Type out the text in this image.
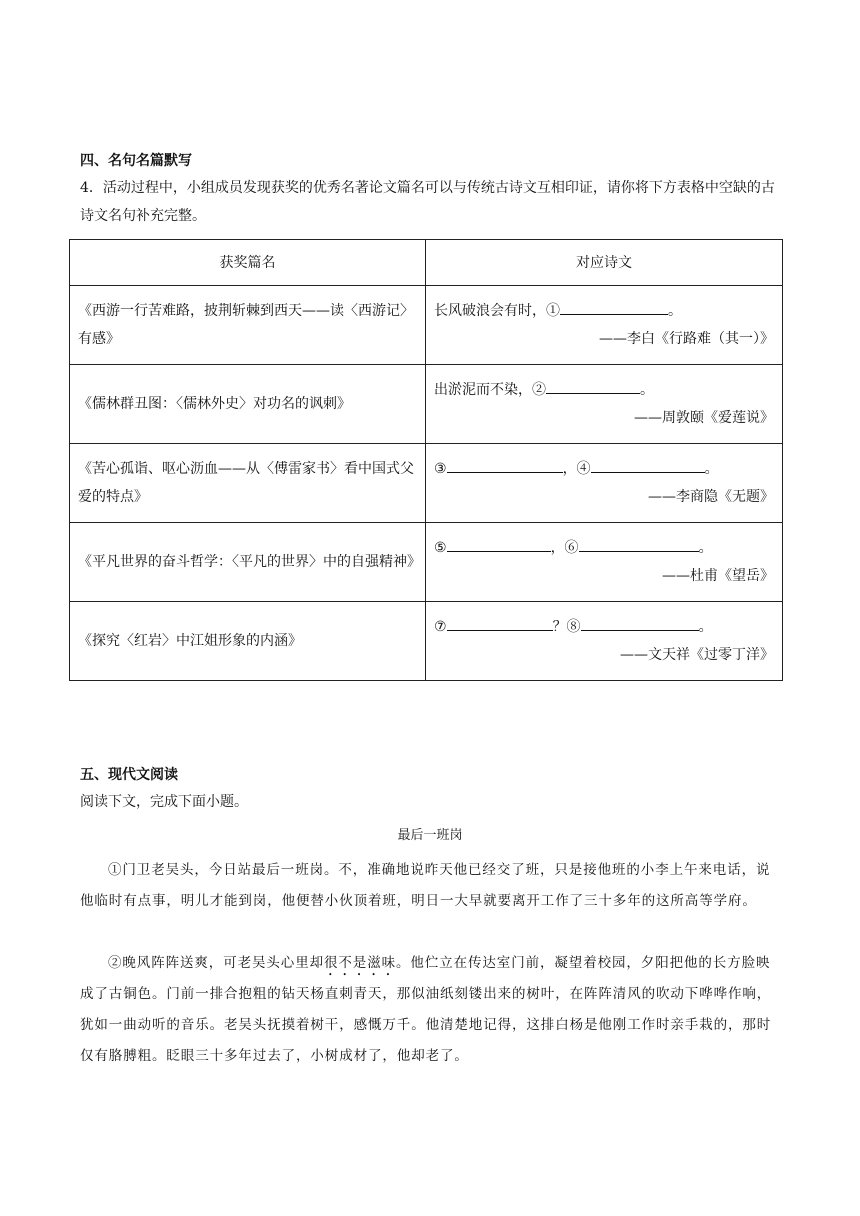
四、名句名篇默写
4．活动过程中，小组成员发现获奖的优秀名著论文篇名可以与传统古诗文互相印证，请你将下方表格中空缺的古诗文名句补充完整。
获奖篇名	对应诗文
《西游一行苦难路，披荆斩棘到西天——读〈西游记〉有感》	长风破浪会有时，① 。
——李白《行路难（其一）》

《儒林群丑图：〈儒林外史〉对功名的讽刺》	出淤泥而不染，② 。
——周敦颐《爱莲说》

《苦心孤诣、呕心沥血——从〈傅雷家书〉看中国式父爱的特点》	③ ，④ 。
——李商隐《无题》

《平凡世界的奋斗哲学：〈平凡的世界〉中的自强精神》	⑤ ，⑥ 。
——杜甫《望岳》

《探究〈红岩〉中江姐形象的内涵》	⑦ ？⑧ 。
——文天祥《过零丁洋》
五、现代文阅读
阅读下文，完成下面小题。
最后一班岗

①门卫老吴头，今日站最后一班岗。不，准确地说昨天他已经交了班，只是接他班的小李上午来电话，说他临时有点事，明儿才能到岗，他便替小伙顶着班，明日一大早就要离开工作了三十多年的这所高等学府。

②晚风阵阵送爽，可老吴头心里却很不是滋味。他伫立在传达室门前，凝望着校园，夕阳把他的长方脸映成了古铜色。门前一排合抱粗的钻天杨直刺青天，那似油纸刻镂出来的树叶，在阵阵清风的吹动下哗哗作响，犹如一曲动听的音乐。老吴头抚摸着树干，感慨万千。他清楚地记得，这排白杨是他刚工作时亲手栽的，那时仅有胳膊粗。眨眼三十多年过去了，小树成材了，他却老了。
